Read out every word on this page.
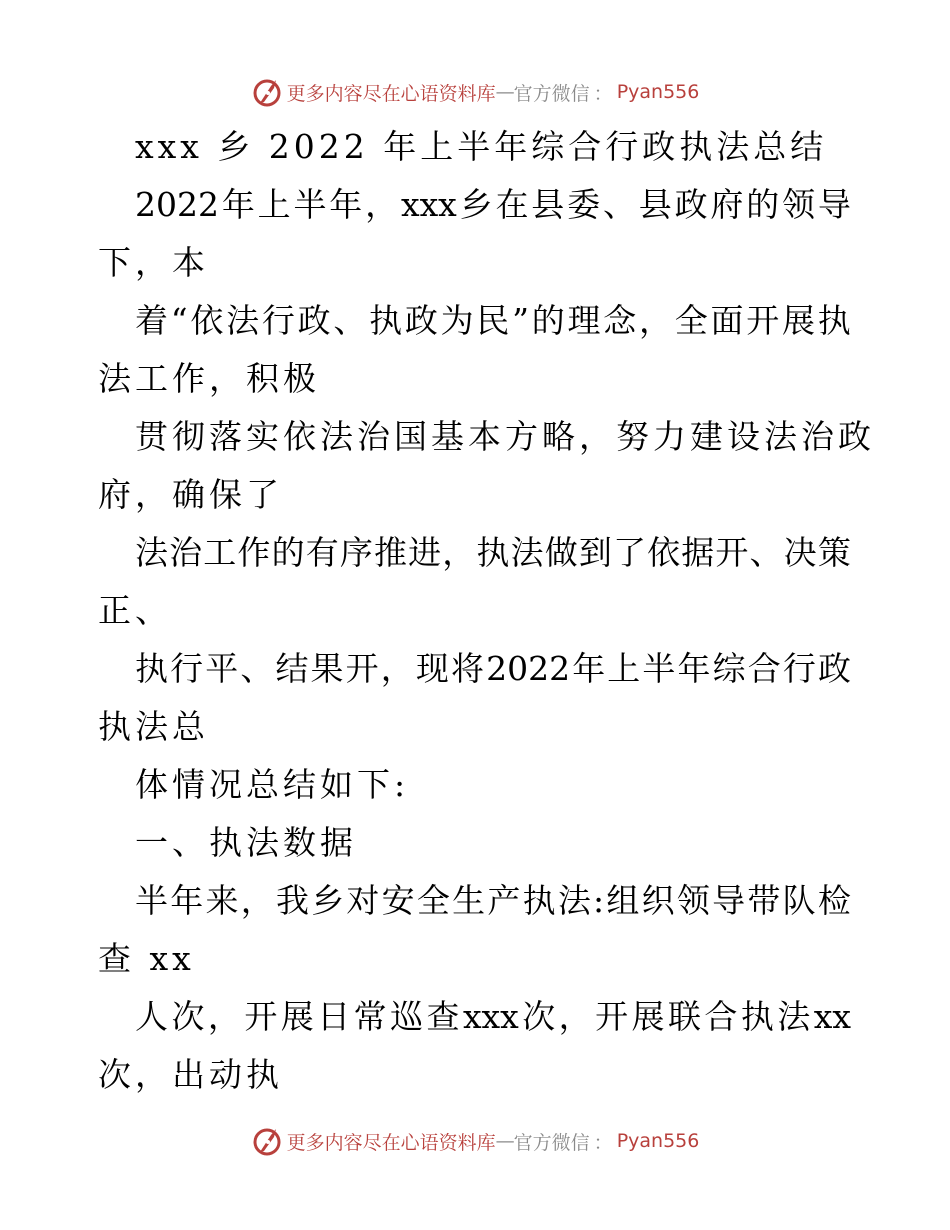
更多内容尽在心语资料库 — 官方微信 ： Pyan556
xxx 乡 2022 年上半年综合行政执法总结
2022 年 上 半 年 ， xxx 乡 在 县 委 、 县 政 府 的 领 导
下，本
着 “ 依 法 行 政 、 执 政 为 民 ” 的 理 念 ， 全 面 开 展 执
法工作，积极
贯彻落实依法治国基本方略，努力建设法治政
府，确保了
法 治 工 作 的 有 序 推 进 ， 执 法 做 到 了 依 据 开 、 决 策
正、
执 行 平 、 结 果 开 ， 现 将 2022 年 上 半 年 综 合 行 政
执法总
体情况总结如下:
一、执法数据
半 年 来 ， 我 乡 对 安 全 生 产 执 法 : 组 织 领 导 带 队 检
查 xx
人 次 ， 开 展 日 常 巡 查 xxx 次 ， 开 展 联 合 执 法 xx
次，出动执
更多内容尽在心语资料库 — 官方微信 ： Pyan556
